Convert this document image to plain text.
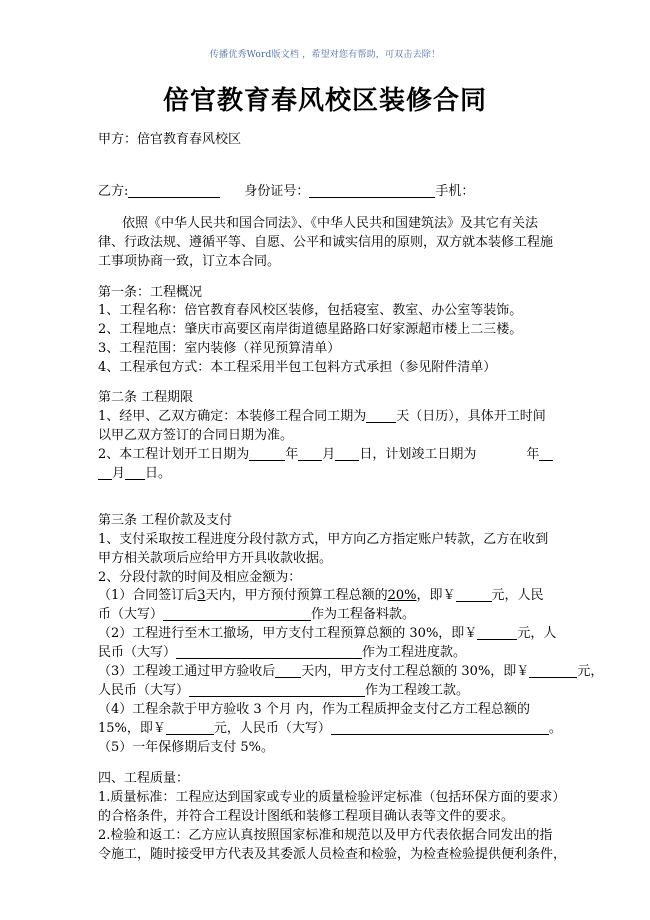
传播优秀Word版文档 ，希望对您有帮助，可双击去除！
倍官教育春风校区装修合同
甲方：倍官教育春风校区
乙方:	身份证号：	手机：
依照《中华人民共和国合同法》、《中华人民共和国建筑法》及其它有关法
律、行政法规、遵循平等、自愿、公平和诚实信用的原则，双方就本装修工程施
工事项协商一致，订立本合同。
第一条：工程概况
1、工程名称：倍官教育春风校区装修，包括寝室、教室、办公室等装饰。
2、工程地点：肇庆市高要区南岸街道德星路路口好家源超市楼上二三楼。
3、工程范围：室内装修（祥见预算清单）
4、工程承包方式：本工程采用半包工包料方式承担（参见附件清单）
第二条 工程期限
1、经甲、乙双方确定：本装修工程合同工期为 天（日历），具体开工时间
以甲乙双方签订的合同日期为准。
2、本工程计划开工日期为	年 月 日，计划竣工日期为	年
月 日。
第三条 工程价款及支付
1、支付采取按工程进度分段付款方式，甲方向乙方指定账户转款，乙方在收到
甲方相关款项后应给甲方开具收款收据。
2、分段付款的时间及相应金额为：
（1）合同签订后3天内，甲方预付预算工程总额的20%，即￥	元，人民
币（大写）	作为工程备料款。
（2）工程进行至木工撤场，甲方支付工程预算总额的 30%，即￥	元，人
民币（大写）	作为工程进度款。
（3）工程竣工通过甲方验收后 天内，甲方支付工程总额的 30%，即￥	元，
人民币（大写）	作为工程竣工款。
（4）工程余款于甲方验收 3 个月 内，作为工程质押金支付乙方工程总额的
15%，即￥	元，人民币（大写）	。
（5）一年保修期后支付 5%。
四、工程质量：
1.质量标准：工程应达到国家或专业的质量检验评定标准（包括环保方面的要求）
的合格条件，并符合工程设计图纸和装修工程项目确认表等文件的要求。
2.检验和返工：乙方应认真按照国家标准和规范以及甲方代表依据合同发出的指
令施工，随时接受甲方代表及其委派人员检查和检验，为检查检验提供便利条件，
